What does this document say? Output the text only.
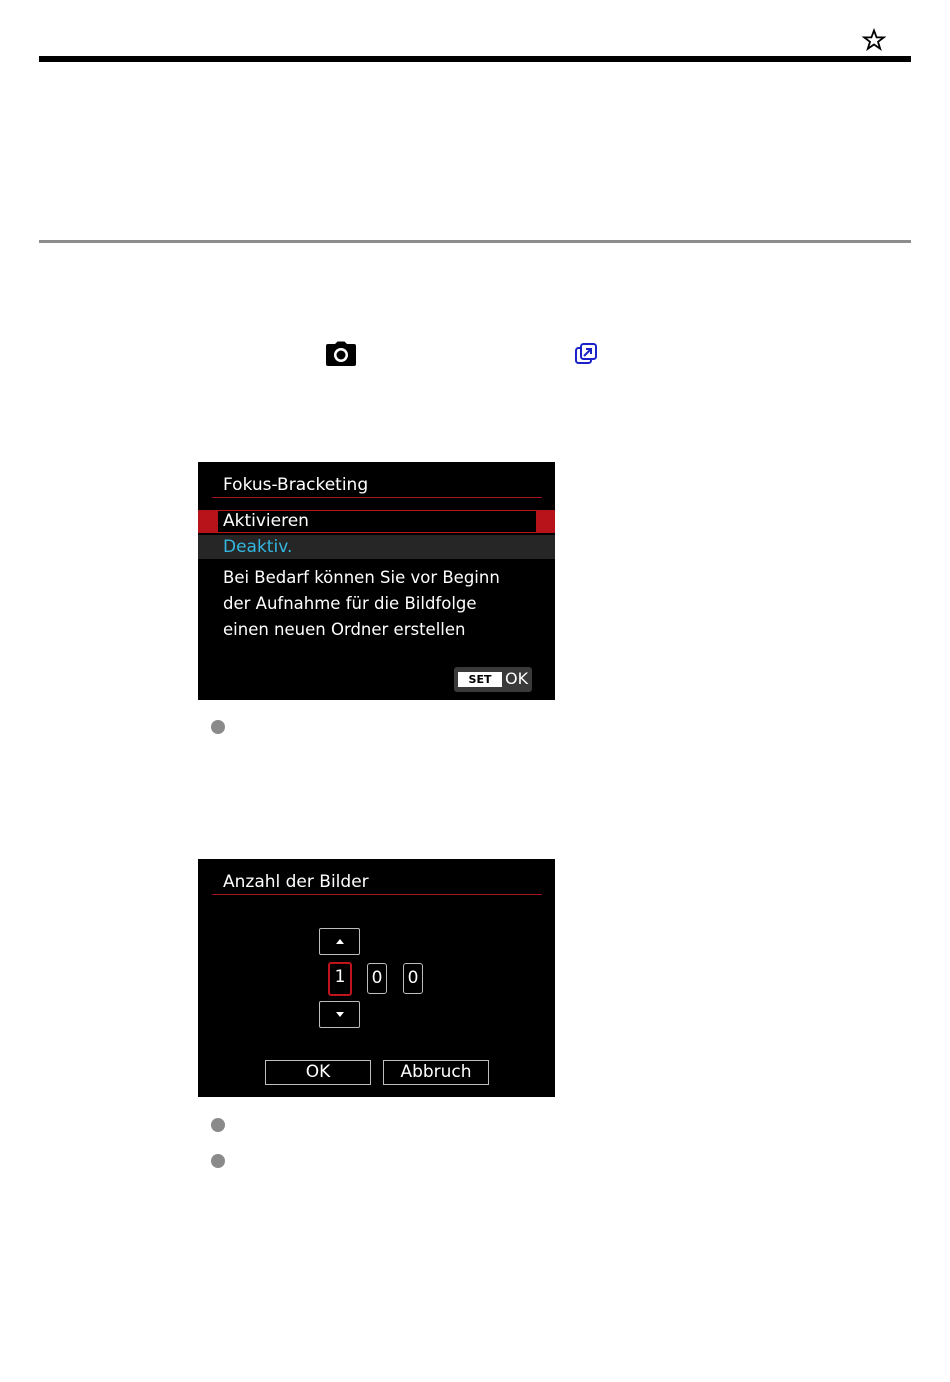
Fokus-Bracketing
Aktivieren
Deaktiv.
Bei Bedarf können Sie vor Beginn
der Aufnahme für die Bildfolge
einen neuen Ordner erstellen
SET OK
Anzahl der Bilder
1	0 0
OK	Abbruch
